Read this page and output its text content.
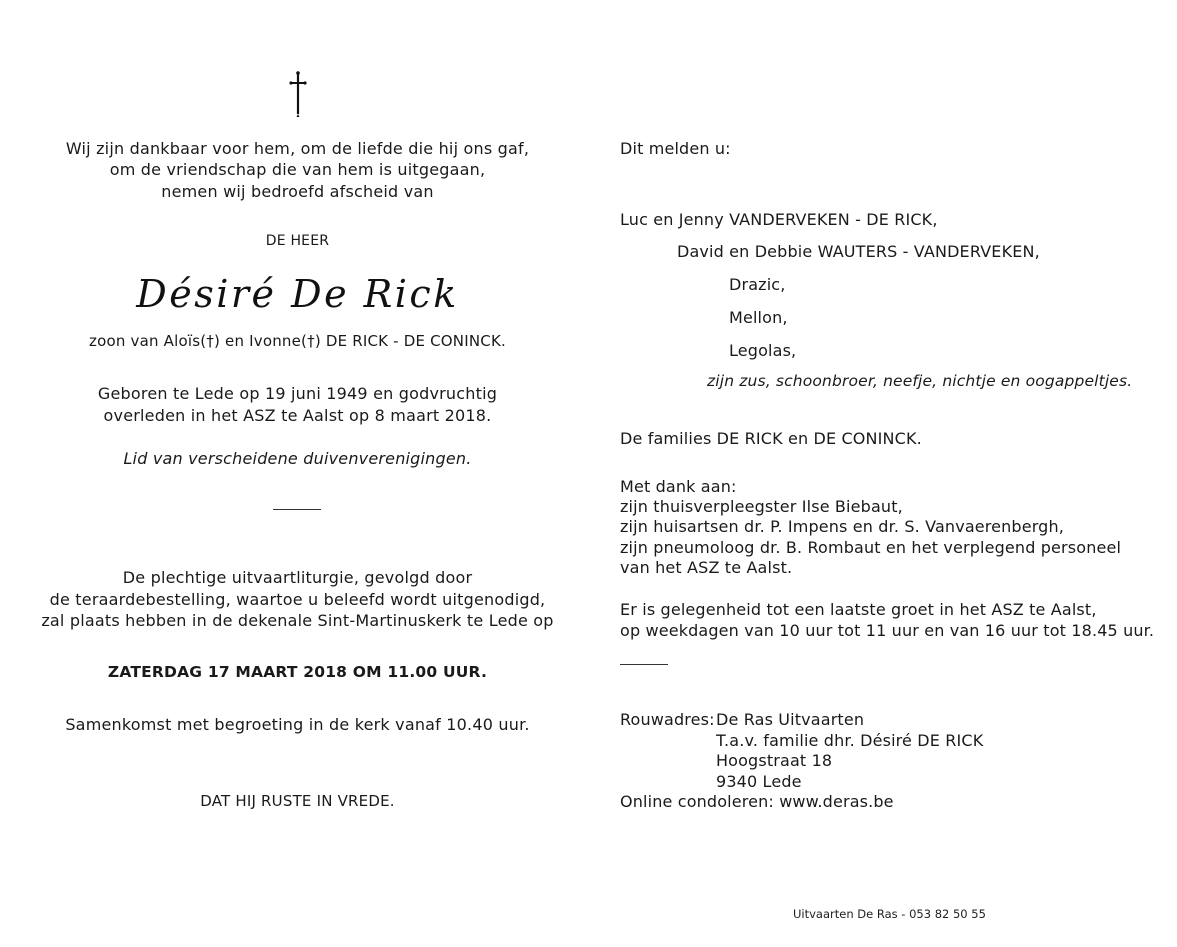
Wij zijn dankbaar voor hem, om de liefde die hij ons gaf,
om de vriendschap die van hem is uitgegaan,
nemen wij bedroefd afscheid van
DE HEER
Désiré De Rick
zoon van Aloïs(†) en Ivonne(†) DE RICK - DE CONINCK.
Geboren te Lede op 19 juni 1949 en godvruchtig
overleden in het ASZ te Aalst op 8 maart 2018.
Lid van verscheidene duivenverenigingen.
De plechtige uitvaartliturgie, gevolgd door
de teraardebestelling, waartoe u beleefd wordt uitgenodigd,
zal plaats hebben in de dekenale Sint-Martinuskerk te Lede op
ZATERDAG 17 MAART 2018 OM 11.00 UUR.
Samenkomst met begroeting in de kerk vanaf 10.40 uur.
DAT HIJ RUSTE IN VREDE.
Dit melden u:
Luc en Jenny VANDERVEKEN - DE RICK,
David en Debbie WAUTERS - VANDERVEKEN,
Drazic,
Mellon,
Legolas,
zijn zus, schoonbroer, neefje, nichtje en oogappeltjes.
De families DE RICK en DE CONINCK.
Met dank aan:
zijn thuisverpleegster Ilse Biebaut,
zijn huisartsen dr. P. Impens en dr. S. Vanvaerenbergh,
zijn pneumoloog dr. B. Rombaut en het verplegend personeel
van het ASZ te Aalst.
Er is gelegenheid tot een laatste groet in het ASZ te Aalst,
op weekdagen van 10 uur tot 11 uur en van 16 uur tot 18.45 uur.
Rouwadres: De Ras Uitvaarten
T.a.v. familie dhr. Désiré DE RICK
Hoogstraat 18
9340 Lede
Online condoleren: www.deras.be
Uitvaarten De Ras - 053 82 50 55
